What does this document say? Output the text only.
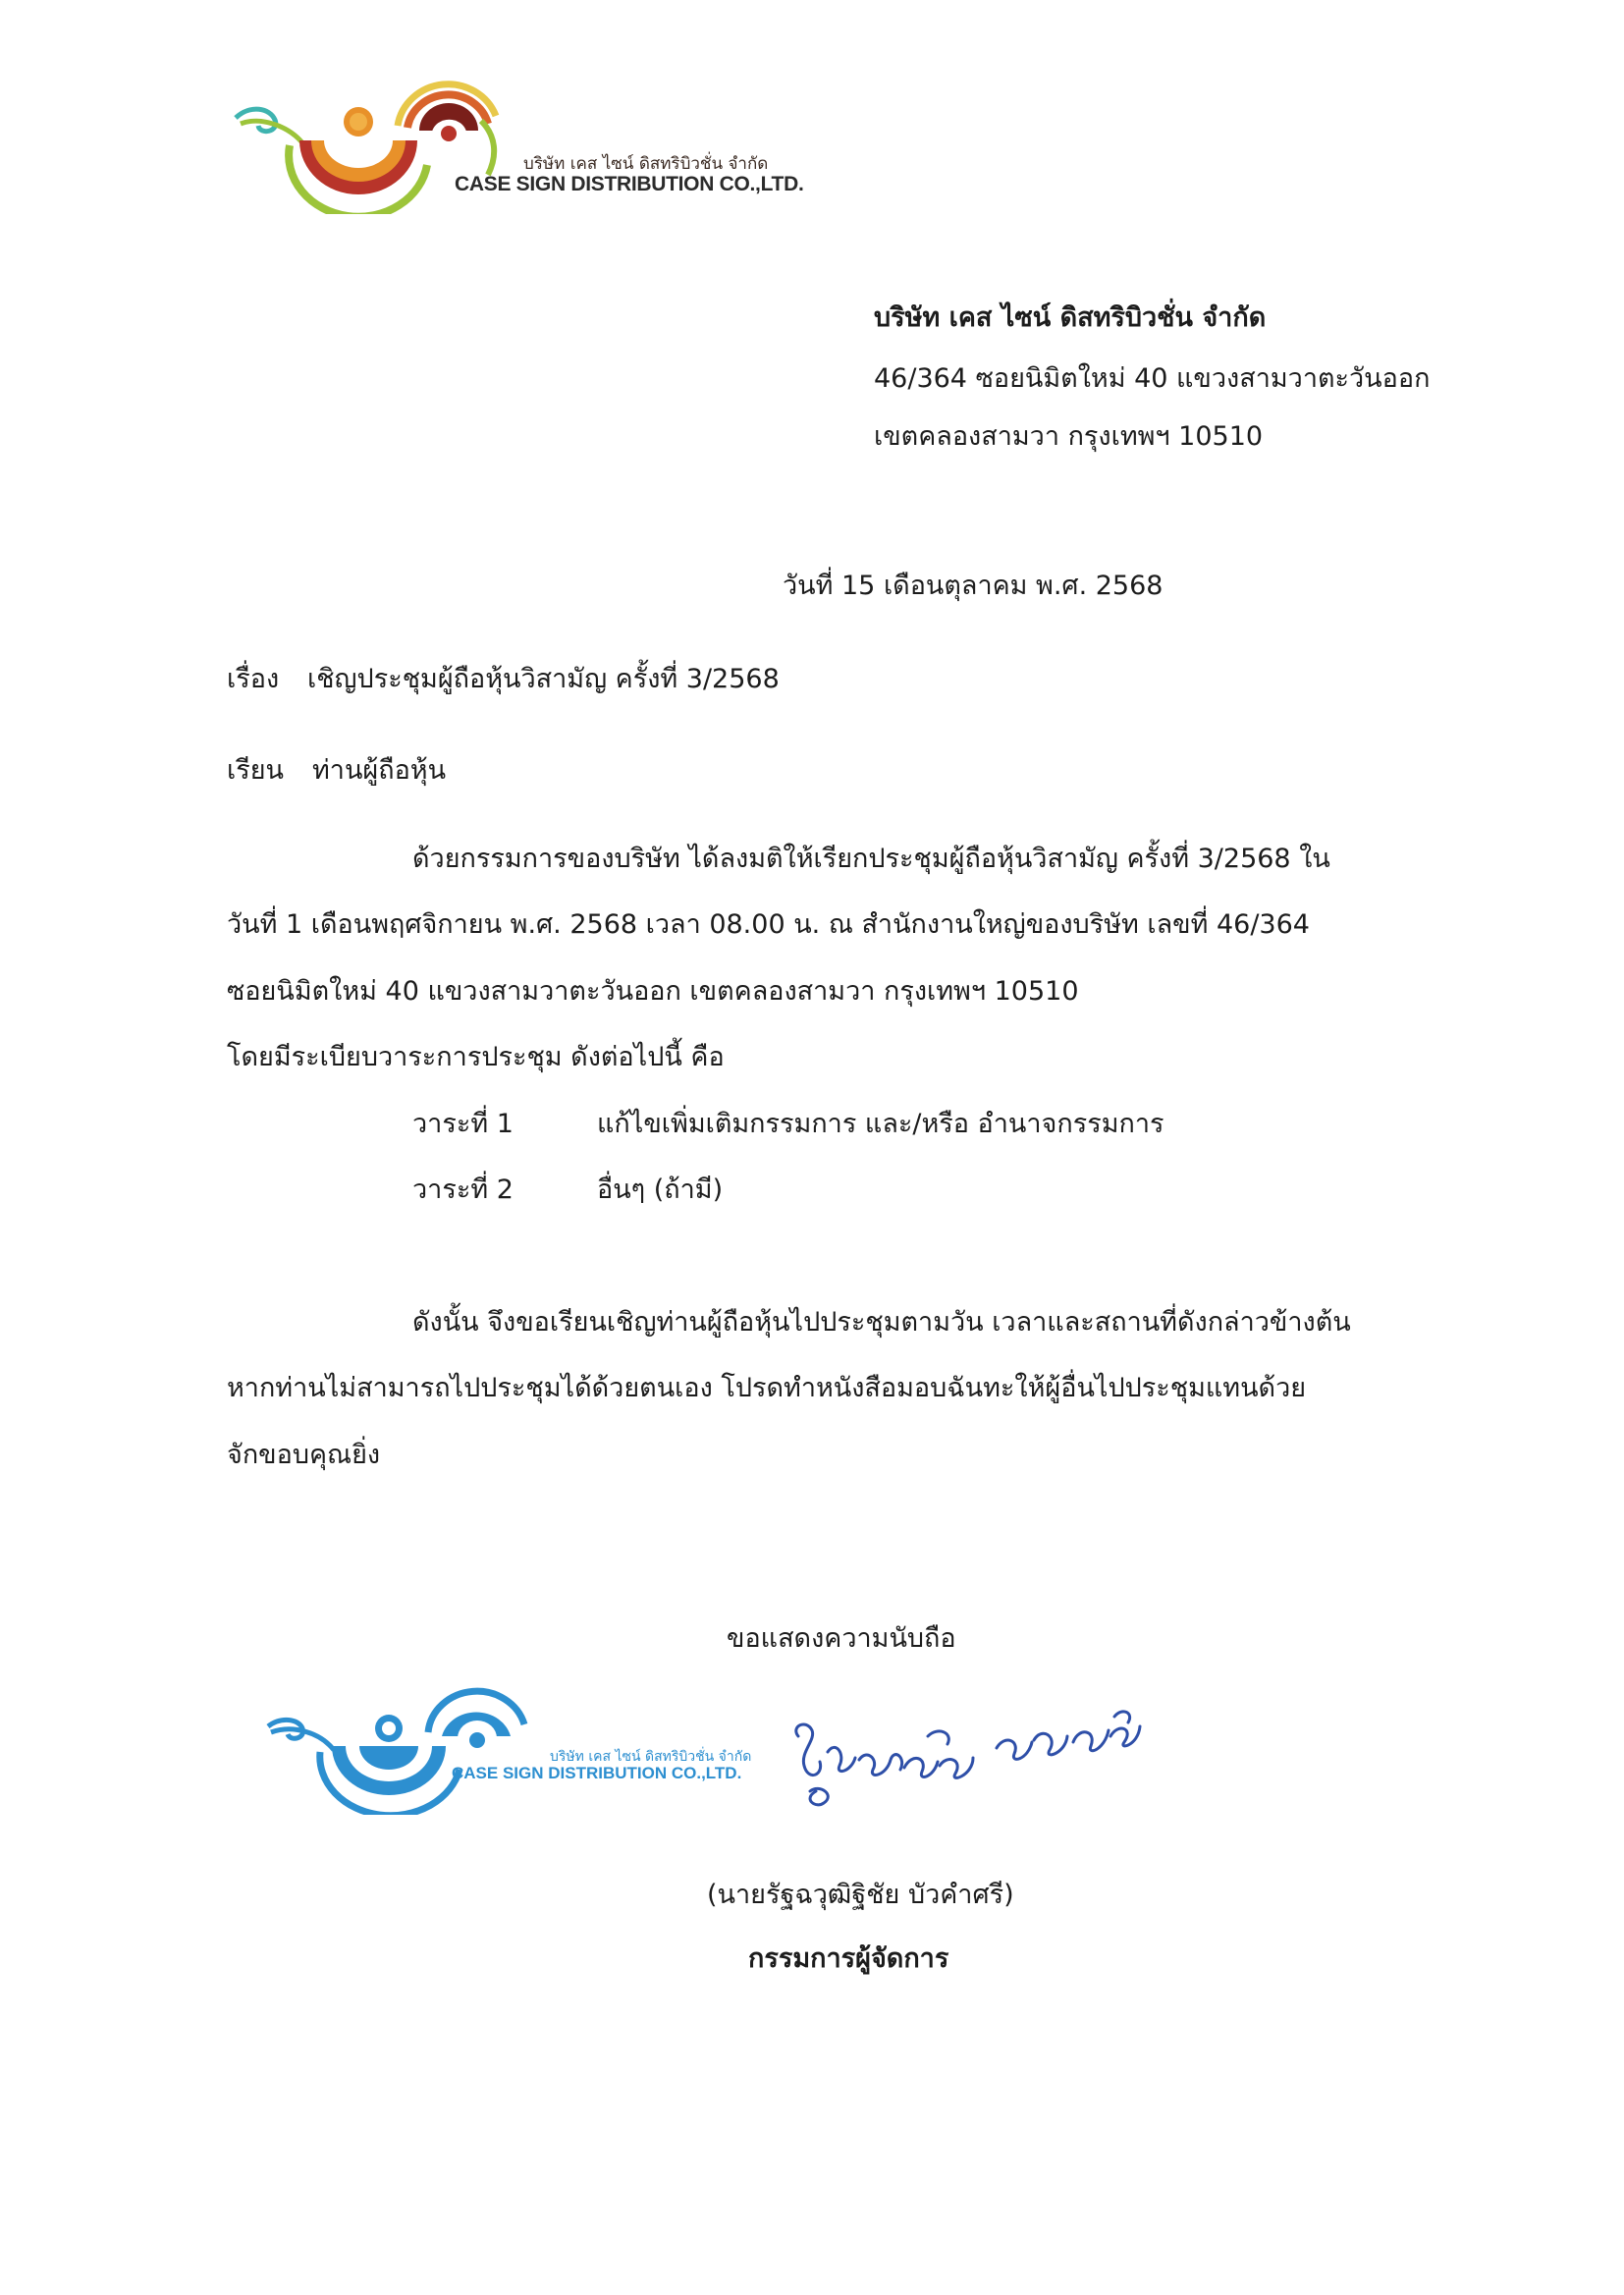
บริษัท เคส ไซน์ ดิสทริบิวชั่น จำกัด
CASE SIGN DISTRIBUTION CO.,LTD.
บริษัท เคส ไซน์ ดิสทริบิวชั่น จำกัด
46/364 ซอยนิมิตใหม่ 40 แขวงสามวาตะวันออก
เขตคลองสามวา กรุงเทพฯ 10510
วันที่ 15 เดือนตุลาคม พ.ศ. 2568
เรื่อง เชิญประชุมผู้ถือหุ้นวิสามัญ ครั้งที่ 3/2568
เรียน ท่านผู้ถือหุ้น
ด้วยกรรมการของบริษัท ได้ลงมติให้เรียกประชุมผู้ถือหุ้นวิสามัญ ครั้งที่ 3/2568 ใน
วันที่ 1 เดือนพฤศจิกายน พ.ศ. 2568 เวลา 08.00 น. ณ สำนักงานใหญ่ของบริษัท เลขที่ 46/364
ซอยนิมิตใหม่ 40 แขวงสามวาตะวันออก เขตคลองสามวา กรุงเทพฯ 10510
โดยมีระเบียบวาระการประชุม ดังต่อไปนี้ คือ
วาระที่ 1	แก้ไขเพิ่มเติมกรรมการ และ/หรือ อำนาจกรรมการ
วาระที่ 2	อื่นๆ (ถ้ามี)
ดังนั้น จึงขอเรียนเชิญท่านผู้ถือหุ้นไปประชุมตามวัน เวลาและสถานที่ดังกล่าวข้างต้น
หากท่านไม่สามารถไปประชุมได้ด้วยตนเอง โปรดทำหนังสือมอบฉันทะให้ผู้อื่นไปประชุมแทนด้วย
จักขอบคุณยิ่ง
ขอแสดงความนับถือ
บริษัท เคส ไซน์ ดิสทริบิวชั่น จำกัด
CASE SIGN DISTRIBUTION CO.,LTD.
(นายรัฐฉวุฒิฐิชัย บัวคำศรี)
กรรมการผู้จัดการ
